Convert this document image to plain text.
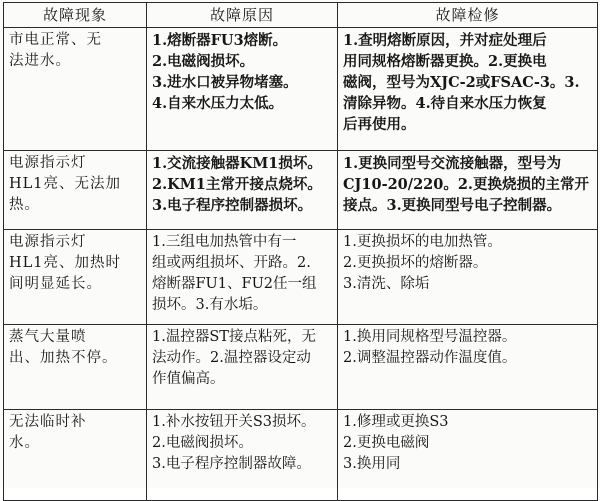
故障现象	故障原因	故障检修

市电正常、无
法进水。	1.熔断器FU3熔断。
2.电磁阀损坏。
3.进水口被异物堵塞。
4.自来水压力太低。	1.查明熔断原因，并对症处理后
用同规格熔断器更换。2.更换电
磁阀，型号为XJC-2或FSAC-3。3.
清除异物。4.待自来水压力恢复
后再使用。

电源指示灯
HL1亮、无法加
热。	1.交流接触器KM1损坏。
2.KM1主常开接点烧坏。
3.电子程序控制器损坏。	1.更换同型号交流接触器，型号为
CJ10-20/220。2.更换烧损的主常开
接点。3.更换同型号电子控制器。

电源指示灯
HL1亮、加热时
间明显延长。	1.三组电加热管中有一
组或两组损坏、开路。2.
熔断器FU1、FU2任一组
损坏。3.有水垢。	1.更换损坏的电加热管。
2.更换损坏的熔断器。
3.清洗、除垢

蒸气大量喷
出、加热不停。	1.温控器ST接点粘死，无
法动作。2.温控器设定动
作值偏高。	1.换用同规格型号温控器。
2.调整温控器动作温度值。

无法临时补
水。	1.补水按钮开关S3损坏。
2.电磁阀损坏。
3.电子程序控制器故障。	1.修理或更换S3
2.更换电磁阀
3.换用同
